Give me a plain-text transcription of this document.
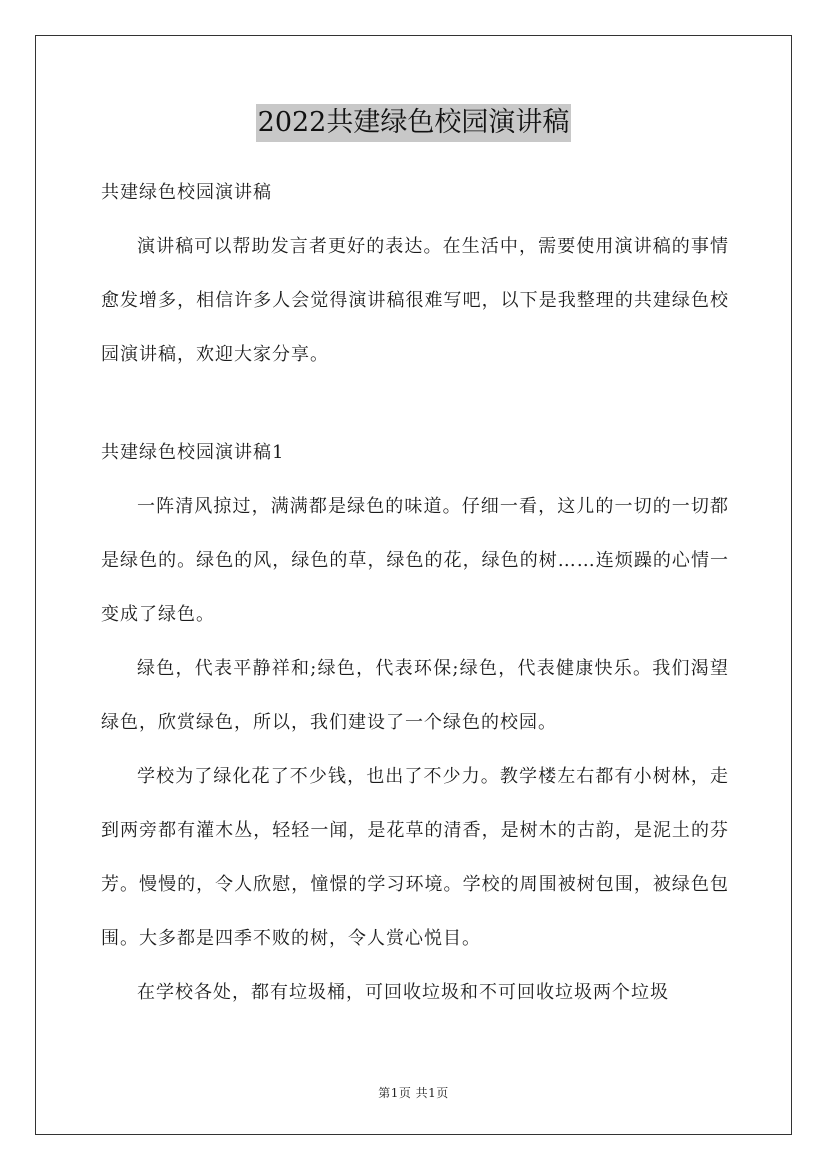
2022共建绿色校园演讲稿

共建绿色校园演讲稿

演讲稿可以帮助发言者更好的表达。在生活中，需要使用演讲稿的事情愈发增多，相信许多人会觉得演讲稿很难写吧，以下是我整理的共建绿色校园演讲稿，欢迎大家分享。

共建绿色校园演讲稿1

一阵清风掠过，满满都是绿色的味道。仔细一看，这儿的一切的一切都是绿色的。绿色的风，绿色的草，绿色的花，绿色的树……连烦躁的心情一变成了绿色。

绿色，代表平静祥和;绿色，代表环保;绿色，代表健康快乐。我们渴望绿色，欣赏绿色，所以，我们建设了一个绿色的校园。

学校为了绿化花了不少钱，也出了不少力。教学楼左右都有小树林，走到两旁都有灌木丛，轻轻一闻，是花草的清香，是树木的古韵，是泥土的芬芳。慢慢的，令人欣慰，憧憬的学习环境。学校的周围被树包围，被绿色包围。大多都是四季不败的树，令人赏心悦目。

在学校各处，都有垃圾桶，可回收垃圾和不可回收垃圾两个垃圾

第1页 共1页
